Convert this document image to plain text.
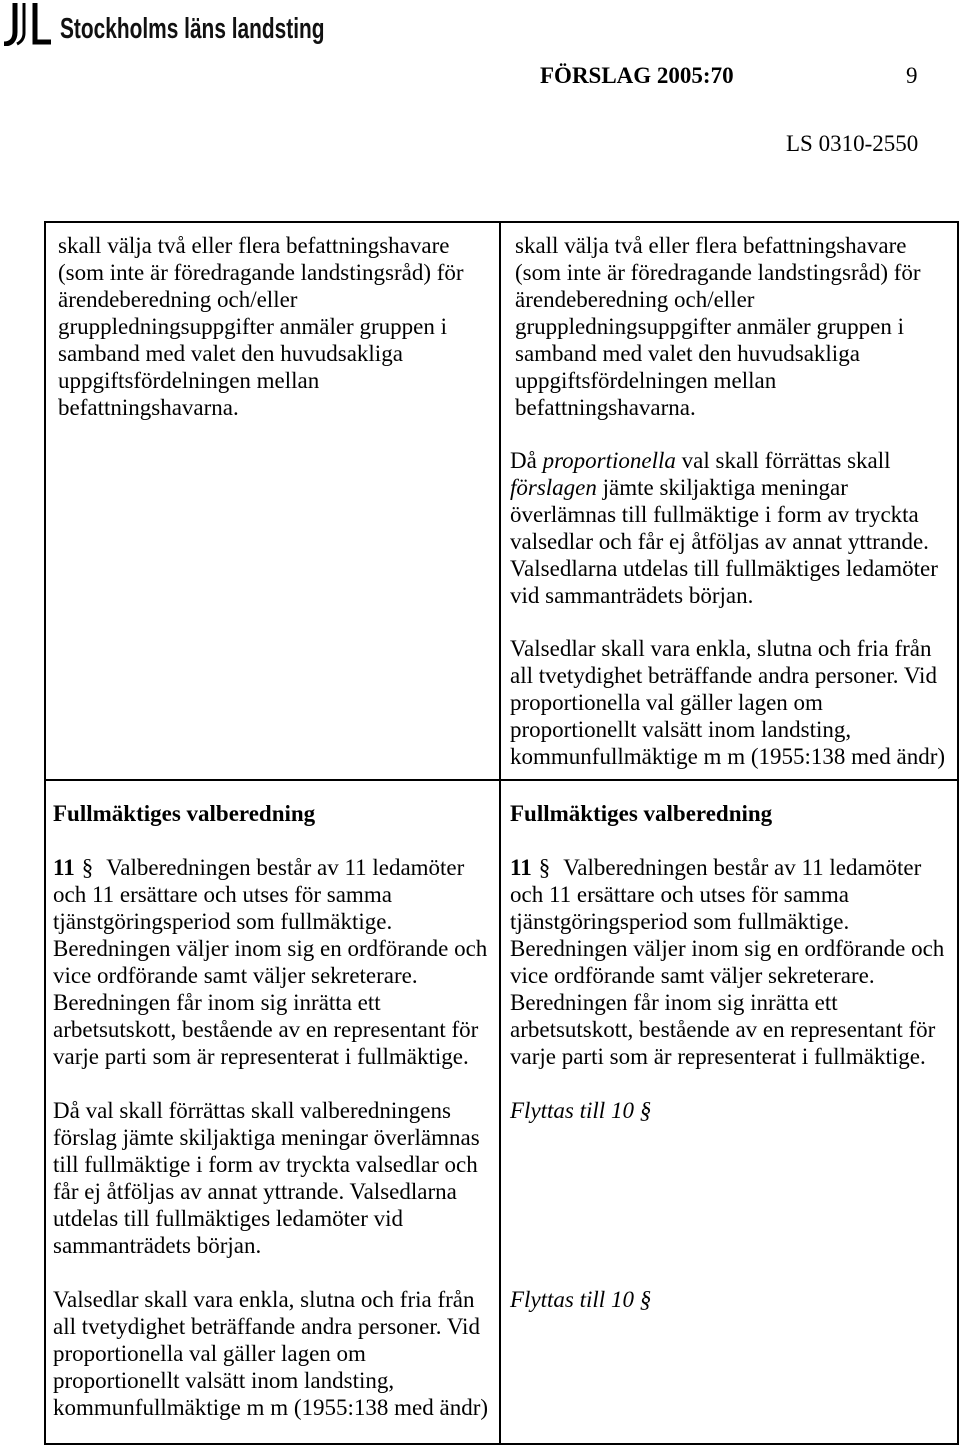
Stockholms läns landsting
FÖRSLAG 2005:70	9
LS 0310-2550

skall välja två eller flera befattningshavare
(som inte är föredragande landstingsråd) för
ärendeberedning och/eller
gruppledningsuppgifter anmäler gruppen i
samband med valet den huvudsakliga
uppgiftsfördelningen mellan
befattningshavarna.

skall välja två eller flera befattningshavare
(som inte är föredragande landstingsråd) för
ärendeberedning och/eller
gruppledningsuppgifter anmäler gruppen i
samband med valet den huvudsakliga
uppgiftsfördelningen mellan
befattningshavarna.

Då proportionella val skall förrättas skall
förslagen jämte skiljaktiga meningar
överlämnas till fullmäktige i form av tryckta
valsedlar och får ej åtföljas av annat yttrande.
Valsedlarna utdelas till fullmäktiges ledamöter
vid sammanträdets början.

Valsedlar skall vara enkla, slutna och fria från
all tvetydighet beträffande andra personer. Vid
proportionella val gäller lagen om
proportionellt valsätt inom landsting,
kommunfullmäktige m m (1955:138 med ändr)

Fullmäktiges valberedning

11 § Valberedningen består av 11 ledamöter
och 11 ersättare och utses för samma
tjänstgöringsperiod som fullmäktige.
Beredningen väljer inom sig en ordförande och
vice ordförande samt väljer sekreterare.
Beredningen får inom sig inrätta ett
arbetsutskott, bestående av en representant för
varje parti som är representerat i fullmäktige.

Då val skall förrättas skall valberedningens
förslag jämte skiljaktiga meningar överlämnas
till fullmäktige i form av tryckta valsedlar och
får ej åtföljas av annat yttrande. Valsedlarna
utdelas till fullmäktiges ledamöter vid
sammanträdets början.

Valsedlar skall vara enkla, slutna och fria från
all tvetydighet beträffande andra personer. Vid
proportionella val gäller lagen om
proportionellt valsätt inom landsting,
kommunfullmäktige m m (1955:138 med ändr)

Fullmäktiges valberedning

11 § Valberedningen består av 11 ledamöter
och 11 ersättare och utses för samma
tjänstgöringsperiod som fullmäktige.
Beredningen väljer inom sig en ordförande och
vice ordförande samt väljer sekreterare.
Beredningen får inom sig inrätta ett
arbetsutskott, bestående av en representant för
varje parti som är representerat i fullmäktige.

Flyttas till 10 §

Flyttas till 10 §
